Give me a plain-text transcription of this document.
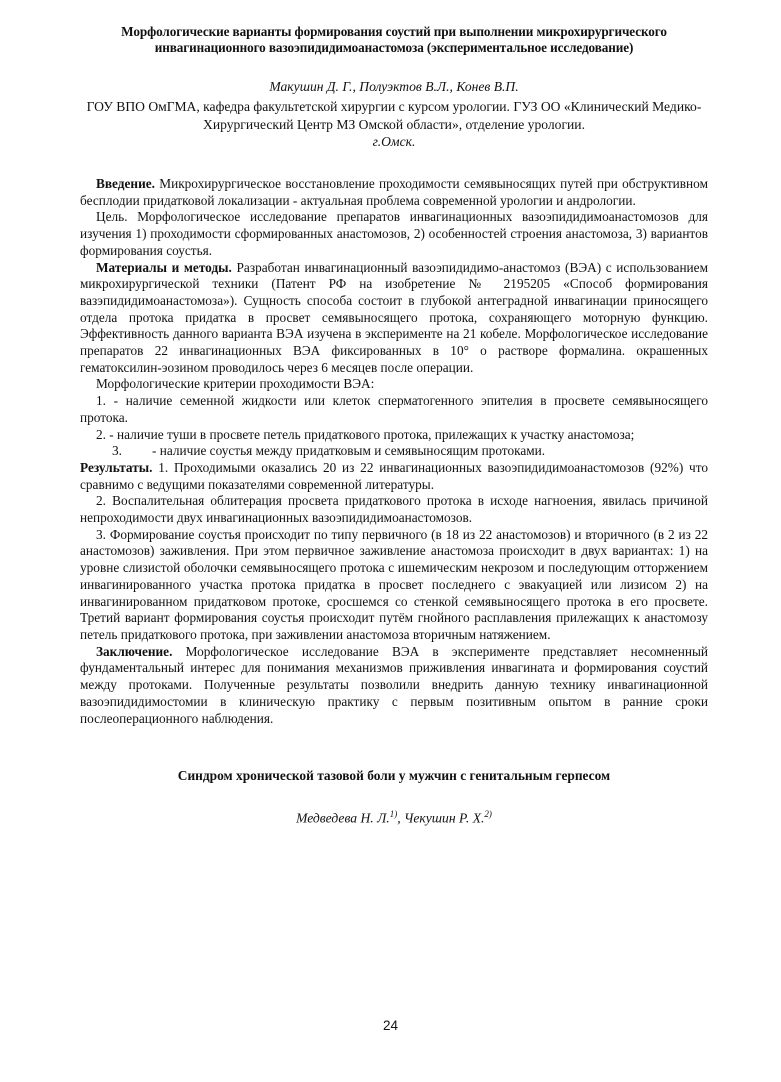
Морфологические варианты формирования соустий при выполнении микрохирургического инвагинационного вазоэпидидимоанастомоза (экспериментальное исследование)
Макушин Д. Г., Полуэктов В.Л., Конев В.П.
ГОУ ВПО ОмГМА, кафедра факультетской хирургии с курсом урологии. ГУЗ ОО «Клинический Медико-Хирургический Центр МЗ Омской области», отделение урологии.
г.Омск.

Введение. Микрохирургическое восстановление проходимости семявыносящих путей при обструктивном бесплодии придатковой локализации - актуальная проблема современной урологии и андрологии.

Цель. Морфологическое исследование препаратов инвагинационных вазоэпидидимоанастомозов для изучения 1) проходимости сформированных анастомозов, 2) особенностей строения анастомоза, 3) вариантов формирования соустья.

Материалы и методы. Разработан инвагинационный вазоэпидидимо-анастомоз (ВЭА) с использованием микрохирургической техники (Патент РФ на изобретение № 2195205 «Способ формирования вазэпидидимоанастомоза»). Сущность способа состоит в глубокой антеградной инвагинации приносящего отдела протока придатка в просвет семявыносящего протока, сохраняющего моторную функцию. Эффективность данного варианта ВЭА изучена в эксперименте на 21 кобеле. Морфологическое исследование препаратов 22 инвагинационных ВЭА фиксированных в 10° о растворе формалина. окрашенных гематоксилин-эозином проводилось через 6 месяцев после операции.

Морфологические критерии проходимости ВЭА:

1. - наличие семенной жидкости или клеток сперматогенного эпителия в просвете семявыносящего протока.

2. - наличие туши в просвете петель придаткового протока, прилежащих к участку анастомоза;

3. - наличие соустья между придатковым и семявыносящим протоками.

Результаты. 1. Проходимыми оказались 20 из 22 инвагинационных вазоэпидидимоанастомозов (92%) что сравнимо с ведущими показателями современной литературы.

2. Воспалительная облитерация просвета придаткового протока в исходе нагноения, явилась причиной непроходимости двух инвагинационных вазоэпидидимоанастомозов.

3. Формирование соустья происходит по типу первичного (в 18 из 22 анастомозов) и вторичного (в 2 из 22 анастомозов) заживления. При этом первичное заживление анастомоза происходит в двух вариантах: 1) на уровне слизистой оболочки семявыносящего протока с ишемическим некрозом и последующим отторжением инвагинированного участка протока придатка в просвет последнего с эвакуацией или лизисом 2) на инвагинированном придатковом протоке, сросшемся со стенкой семявыносящего протока в его просвете. Третий вариант формирования соустья происходит путём гнойного расплавления прилежащих к анастомозу петель придаткового протока, при заживлении анастомоза вторичным натяжением.

Заключение. Морфологическое исследование ВЭА в эксперименте представляет несомненный фундаментальный интерес для понимания механизмов приживления инвагината и формирования соустий между протоками. Полученные результаты позволили внедрить данную технику инвагинационной вазоэпидидимостомии в клиническую практику с первым позитивным опытом в ранние сроки послеоперационного наблюдения.

Синдром хронической тазовой боли у мужчин с генитальным герпесом
Медведева Н. Л.$^{1)}$, Чекушин Р. Х.$^{2)}$
24
